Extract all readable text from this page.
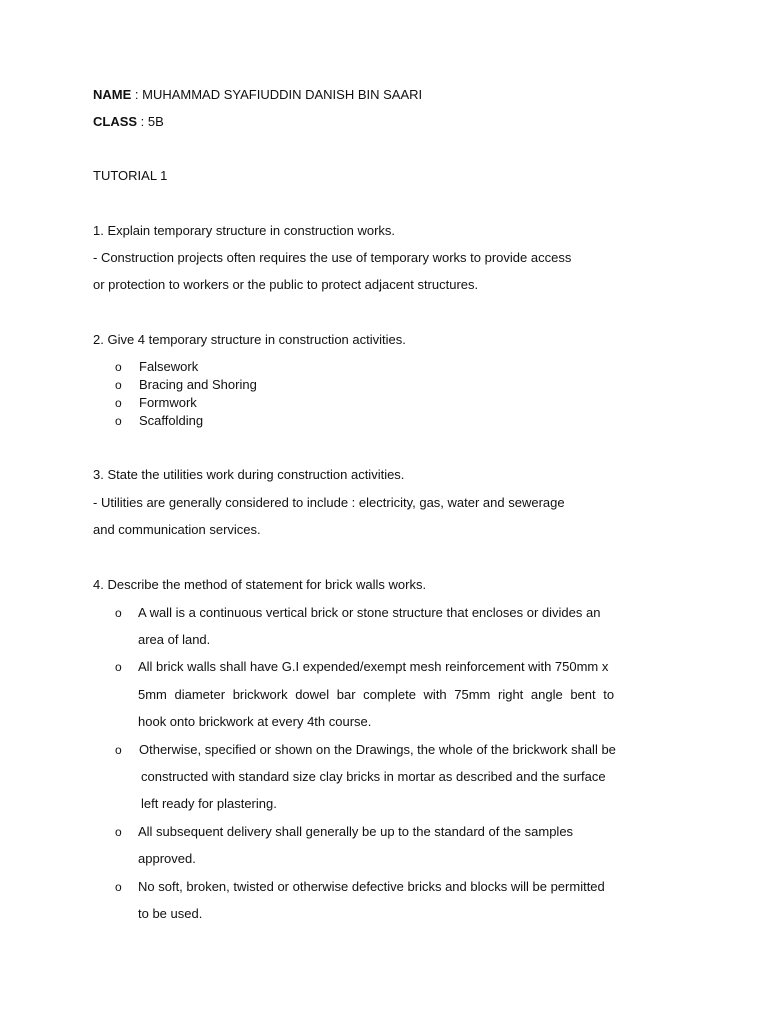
NAME : MUHAMMAD SYAFIUDDIN DANISH BIN SAARI
CLASS : 5B
TUTORIAL 1
1. Explain temporary structure in construction works.
- Construction projects often requires the use of temporary works to provide access
or protection to workers or the public to protect adjacent structures.
2. Give 4 temporary structure in construction activities.
o Falsework
o Bracing and Shoring
o Formwork
o Scaffolding
3. State the utilities work during construction activities.
- Utilities are generally considered to include : electricity, gas, water and sewerage
and communication services.
4. Describe the method of statement for brick walls works.
o A wall is a continuous vertical brick or stone structure that encloses or divides an
area of land.
o All brick walls shall have G.I expended/exempt mesh reinforcement with 750mm x
5mm diameter brickwork dowel bar complete with 75mm right angle bent to
hook onto brickwork at every 4th course.
o Otherwise, specified or shown on the Drawings, the whole of the brickwork shall be
constructed with standard size clay bricks in mortar as described and the surface
left ready for plastering.
o All subsequent delivery shall generally be up to the standard of the samples
approved.
o No soft, broken, twisted or otherwise defective bricks and blocks will be permitted
to be used.
